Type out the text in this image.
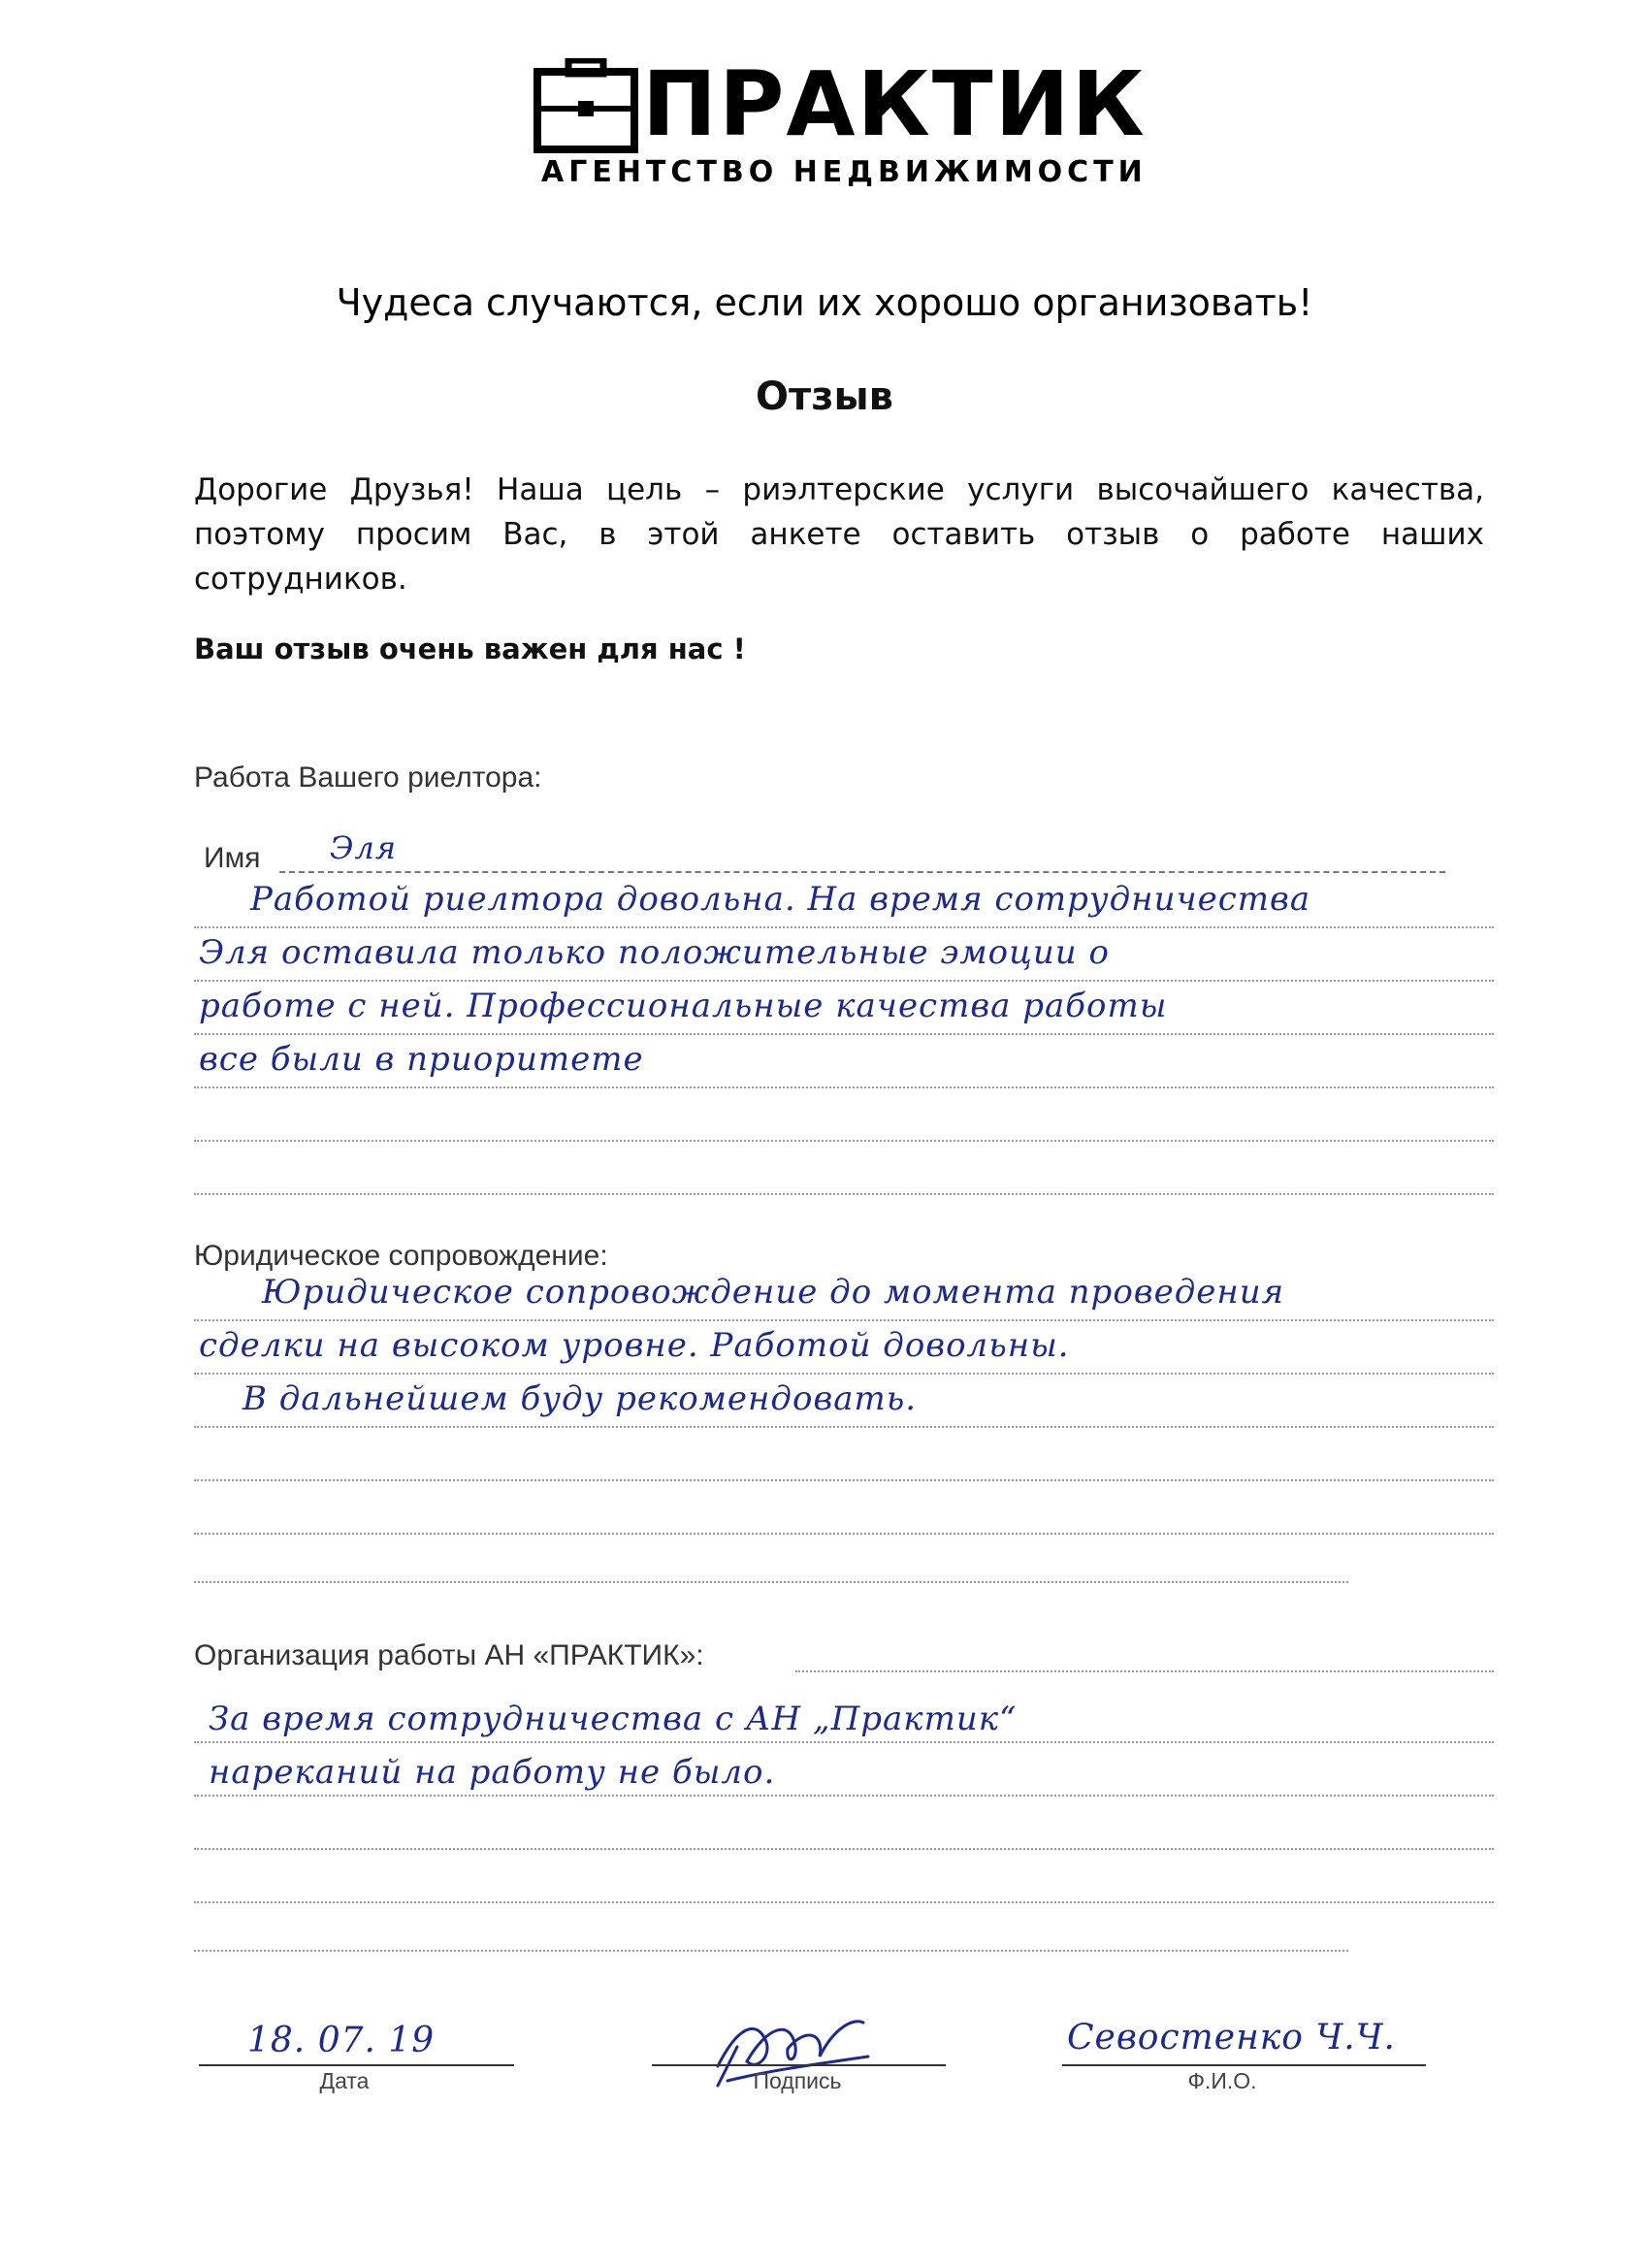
ПРАКТИК
АГЕНТСТВО НЕДВИЖИМОСТИ
Чудеса случаются, если их хорошо организовать!
Отзыв
Дорогие Друзья! Наша цель – риэлтерские услуги высочайшего качества, поэтому просим Вас, в этой анкете оставить отзыв о работе наших сотрудников.
Ваш отзыв очень важен для нас !
Работа Вашего риелтора:
Имя Эля
Работой риелтора довольна. На время сотрудничества
Эля оставила только положительные эмоции о
работе с ней. Профессиональные качества работы
все были в приоритете
Юридическое сопровождение:
Юридическое сопровождение до момента проведения
сделки на высоком уровне. Работой довольны.
В дальнейшем буду рекомендовать.
Организация работы АН «ПРАКТИК»:
За время сотрудничества с АН „Практик“
нареканий на работу не было.
18. 07. 19
Дата	Подпись
Севостенко Ч.Ч.
Ф.И.О.
